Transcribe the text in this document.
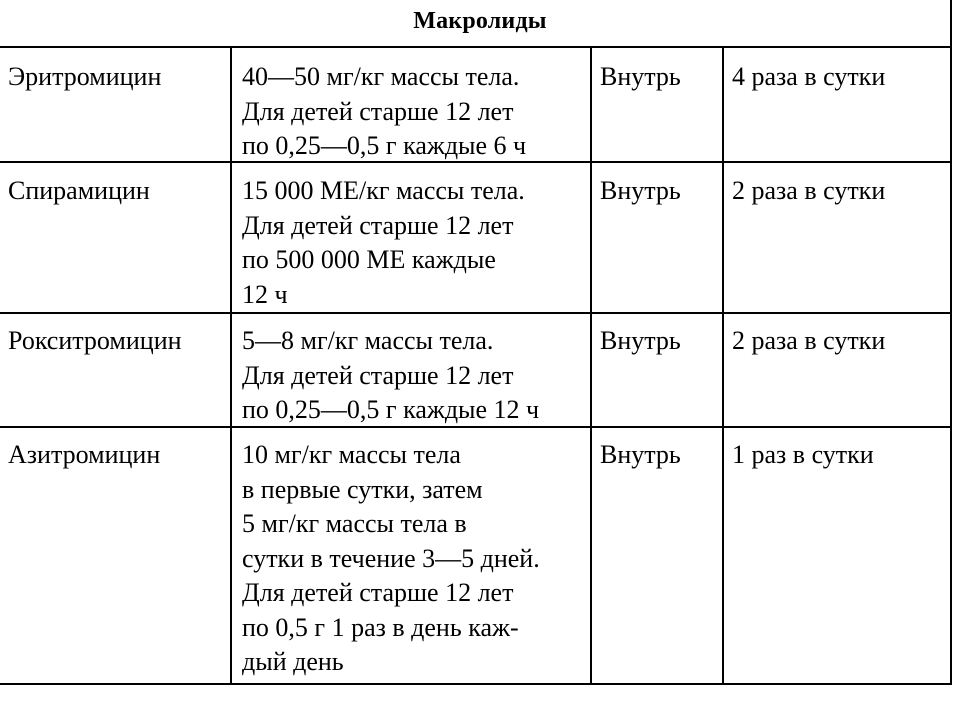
Макролиды
Эритромицин	40—50 мг/кг массы тела.
Для детей старше 12 лет
по 0,25—0,5 г каждые 6 ч
Внутрь 4 раза в сутки
Спирамицин	15 000 МЕ/кг массы тела.
Для детей старше 12 лет
по 500 000 МЕ каждые
12 ч
Внутрь 2 раза в сутки
Рокситромицин 5—8 мг/кг массы тела.
Для детей старше 12 лет
по 0,25—0,5 г каждые 12 ч
Внутрь 2 раза в сутки
Азитромицин	10 мг/кг массы тела
в первые сутки, затем
5 мг/кг массы тела в
сутки в течение 3—5 дней.
Для детей старше 12 лет
по 0,5 г 1 раз в день каж-
дый день
Внутрь 1 раз в сутки
